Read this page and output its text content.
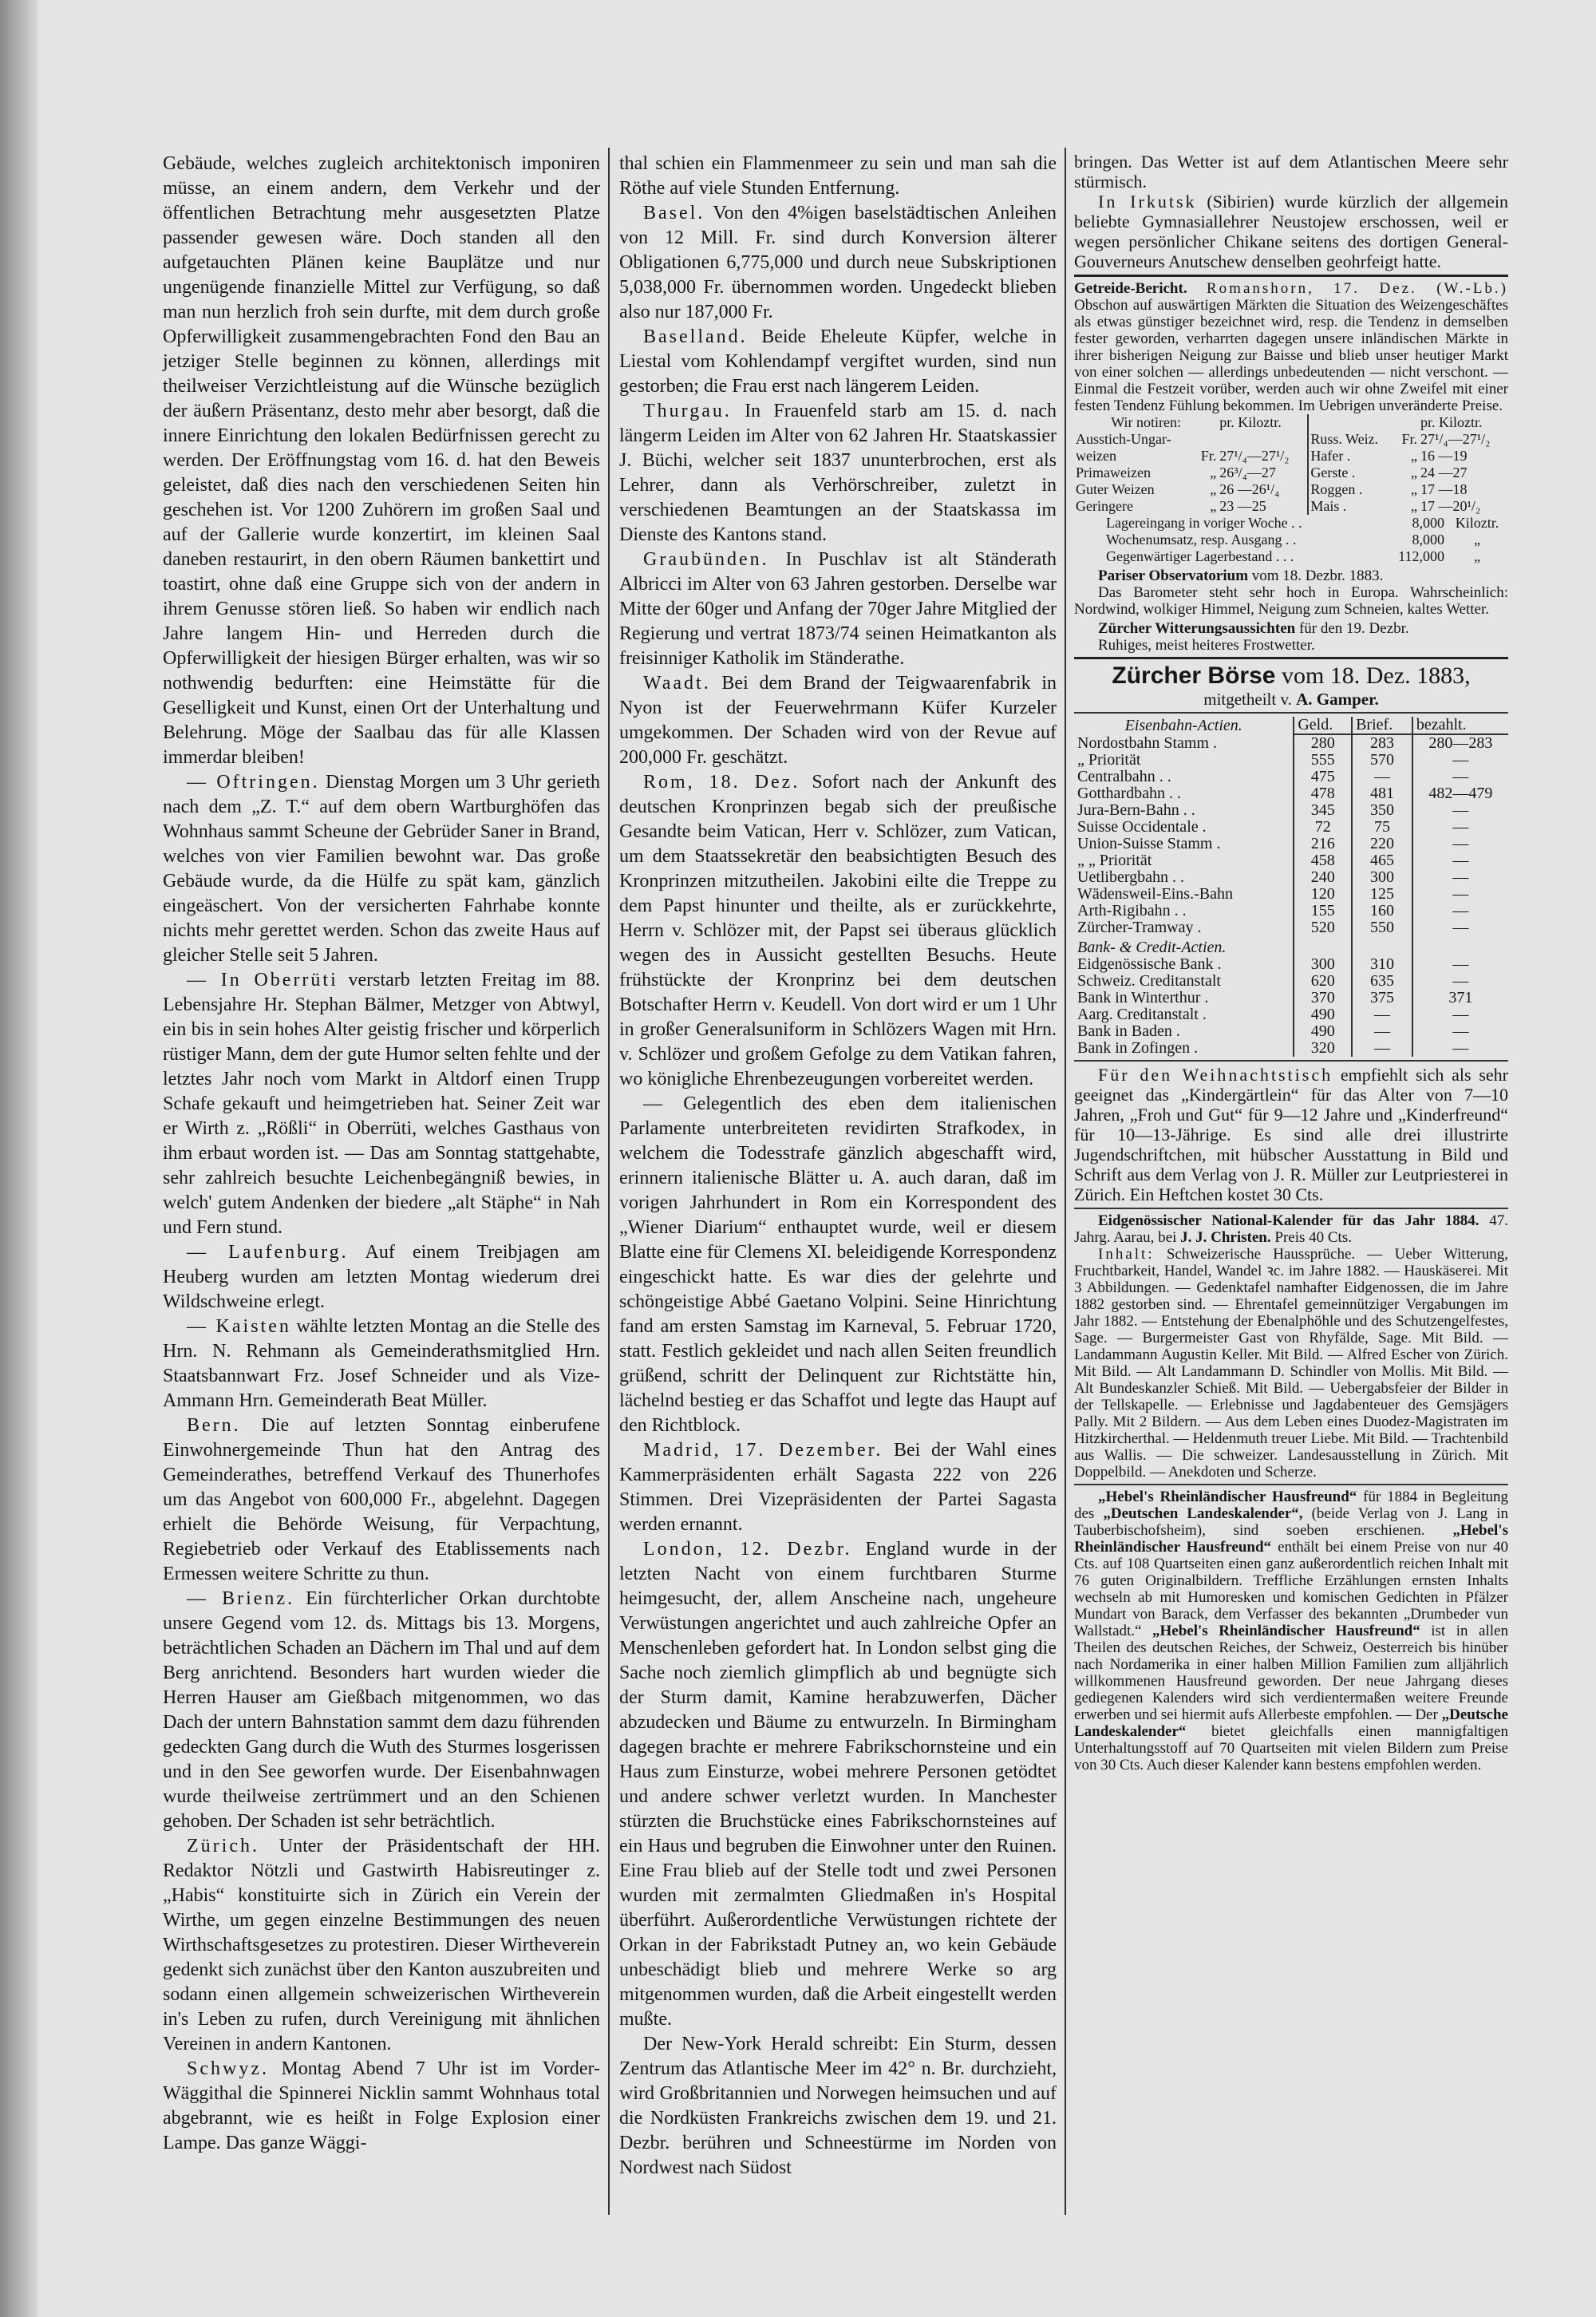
Gebäude, welches zugleich architektonisch imponiren müsse, an einem andern, dem Verkehr und der öffentlichen Betrachtung mehr ausgesetzten Platze passender gewesen wäre. Doch standen all den aufgetauchten Plänen keine Bauplätze und nur ungenügende finanzielle Mittel zur Verfügung, so daß man nun herzlich froh sein durfte, mit dem durch große Opferwilligkeit zusammengebrachten Fond den Bau an jetziger Stelle beginnen zu können, allerdings mit theilweiser Verzichtleistung auf die Wünsche bezüglich der äußern Präsentanz, desto mehr aber besorgt, daß die innere Einrichtung den lokalen Bedürfnissen gerecht zu werden. Der Eröffnungstag vom 16. d. hat den Beweis geleistet, daß dies nach den verschiedenen Seiten hin geschehen ist. Vor 1200 Zuhörern im großen Saal und auf der Gallerie wurde konzertirt, im kleinen Saal daneben restaurirt, in den obern Räumen bankettirt und toastirt, ohne daß eine Gruppe sich von der andern in ihrem Genusse stören ließ. So haben wir endlich nach Jahre langem Hin- und Herreden durch die Opferwilligkeit der hiesigen Bürger erhalten, was wir so nothwendig bedurften: eine Heimstätte für die Geselligkeit und Kunst, einen Ort der Unterhaltung und Belehrung. Möge der Saalbau das für alle Klassen immerdar bleiben!

— Oftringen. Dienstag Morgen um 3 Uhr gerieth nach dem „Z. T.“ auf dem obern Wartburghöfen das Wohnhaus sammt Scheune der Gebrüder Saner in Brand, welches von vier Familien bewohnt war. Das große Gebäude wurde, da die Hülfe zu spät kam, gänzlich eingeäschert. Von der versicherten Fahrhabe konnte nichts mehr gerettet werden. Schon das zweite Haus auf gleicher Stelle seit 5 Jahren.

— In Oberrüti verstarb letzten Freitag im 88. Lebensjahre Hr. Stephan Bälmer, Metzger von Abtwyl, ein bis in sein hohes Alter geistig frischer und körperlich rüstiger Mann, dem der gute Humor selten fehlte und der letztes Jahr noch vom Markt in Altdorf einen Trupp Schafe gekauft und heimgetrieben hat. Seiner Zeit war er Wirth z. „Rößli“ in Oberrüti, welches Gasthaus von ihm erbaut worden ist. — Das am Sonntag stattgehabte, sehr zahlreich besuchte Leichenbegängniß bewies, in welch' gutem Andenken der biedere „alt Stäphe“ in Nah und Fern stund.

— Laufenburg. Auf einem Treibjagen am Heuberg wurden am letzten Montag wiederum drei Wildschweine erlegt.

— Kaisten wählte letzten Montag an die Stelle des Hrn. N. Rehmann als Gemeinderathsmitglied Hrn. Staatsbannwart Frz. Josef Schneider und als Vize-Ammann Hrn. Gemeinderath Beat Müller.

Bern. Die auf letzten Sonntag einberufene Einwohnergemeinde Thun hat den Antrag des Gemeinderathes, betreffend Verkauf des Thunerhofes um das Angebot von 600,000 Fr., abgelehnt. Dagegen erhielt die Behörde Weisung, für Verpachtung, Regiebetrieb oder Verkauf des Etablissements nach Ermessen weitere Schritte zu thun.

— Brienz. Ein fürchterlicher Orkan durchtobte unsere Gegend vom 12. ds. Mittags bis 13. Morgens, beträchtlichen Schaden an Dächern im Thal und auf dem Berg anrichtend. Besonders hart wurden wieder die Herren Hauser am Gießbach mitgenommen, wo das Dach der untern Bahnstation sammt dem dazu führenden gedeckten Gang durch die Wuth des Sturmes losgerissen und in den See geworfen wurde. Der Eisenbahnwagen wurde theilweise zertrümmert und an den Schienen gehoben. Der Schaden ist sehr beträchtlich.

Zürich. Unter der Präsidentschaft der HH. Redaktor Nötzli und Gastwirth Habisreutinger z. „Habis“ konstituirte sich in Zürich ein Verein der Wirthe, um gegen einzelne Bestimmungen des neuen Wirthschaftsgesetzes zu protestiren. Dieser Wirtheverein gedenkt sich zunächst über den Kanton auszubreiten und sodann einen allgemein schweizerischen Wirtheverein in's Leben zu rufen, durch Vereinigung mit ähnlichen Vereinen in andern Kantonen.

Schwyz. Montag Abend 7 Uhr ist im Vorder-Wäggithal die Spinnerei Nicklin sammt Wohnhaus total abgebrannt, wie es heißt in Folge Explosion einer Lampe. Das ganze Wäggi-

thal schien ein Flammenmeer zu sein und man sah die Röthe auf viele Stunden Entfernung.

Basel. Von den 4%igen baselstädtischen Anleihen von 12 Mill. Fr. sind durch Konversion älterer Obligationen 6,775,000 und durch neue Subskriptionen 5,038,000 Fr. übernommen worden. Ungedeckt blieben also nur 187,000 Fr.

Baselland. Beide Eheleute Küpfer, welche in Liestal vom Kohlendampf vergiftet wurden, sind nun gestorben; die Frau erst nach längerem Leiden.

Thurgau. In Frauenfeld starb am 15. d. nach längerm Leiden im Alter von 62 Jahren Hr. Staatskassier J. Büchi, welcher seit 1837 ununterbrochen, erst als Lehrer, dann als Verhörschreiber, zuletzt in verschiedenen Beamtungen an der Staatskassa im Dienste des Kantons stand.

Graubünden. In Puschlav ist alt Ständerath Albricci im Alter von 63 Jahren gestorben. Derselbe war Mitte der 60ger und Anfang der 70ger Jahre Mitglied der Regierung und vertrat 1873/74 seinen Heimatkanton als freisinniger Katholik im Ständerathe.

Waadt. Bei dem Brand der Teigwaarenfabrik in Nyon ist der Feuerwehrmann Küfer Kurzeler umgekommen. Der Schaden wird von der Revue auf 200,000 Fr. geschätzt.

Rom, 18. Dez. Sofort nach der Ankunft des deutschen Kronprinzen begab sich der preußische Gesandte beim Vatican, Herr v. Schlözer, zum Vatican, um dem Staatssekretär den beabsichtigten Besuch des Kronprinzen mitzutheilen. Jakobini eilte die Treppe zu dem Papst hinunter und theilte, als er zurückkehrte, Herrn v. Schlözer mit, der Papst sei überaus glücklich wegen des in Aussicht gestellten Besuchs. Heute frühstückte der Kronprinz bei dem deutschen Botschafter Herrn v. Keudell. Von dort wird er um 1 Uhr in großer Generalsuniform in Schlözers Wagen mit Hrn. v. Schlözer und großem Gefolge zu dem Vatikan fahren, wo königliche Ehrenbezeugungen vorbereitet werden.

— Gelegentlich des eben dem italienischen Parlamente unterbreiteten revidirten Strafkodex, in welchem die Todesstrafe gänzlich abgeschafft wird, erinnern italienische Blätter u. A. auch daran, daß im vorigen Jahrhundert in Rom ein Korrespondent des „Wiener Diarium“ enthauptet wurde, weil er diesem Blatte eine für Clemens XI. beleidigende Korrespondenz eingeschickt hatte. Es war dies der gelehrte und schöngeistige Abbé Gaetano Volpini. Seine Hinrichtung fand am ersten Samstag im Karneval, 5. Februar 1720, statt. Festlich gekleidet und nach allen Seiten freundlich grüßend, schritt der Delinquent zur Richtstätte hin, lächelnd bestieg er das Schaffot und legte das Haupt auf den Richtblock.

Madrid, 17. Dezember. Bei der Wahl eines Kammerpräsidenten erhält Sagasta 222 von 226 Stimmen. Drei Vizepräsidenten der Partei Sagasta werden ernannt.

London, 12. Dezbr. England wurde in der letzten Nacht von einem furchtbaren Sturme heimgesucht, der, allem Anscheine nach, ungeheure Verwüstungen angerichtet und auch zahlreiche Opfer an Menschenleben gefordert hat. In London selbst ging die Sache noch ziemlich glimpflich ab und begnügte sich der Sturm damit, Kamine herabzuwerfen, Dächer abzudecken und Bäume zu entwurzeln. In Birmingham dagegen brachte er mehrere Fabrikschornsteine und ein Haus zum Einsturze, wobei mehrere Personen getödtet und andere schwer verletzt wurden. In Manchester stürzten die Bruchstücke eines Fabrikschornsteines auf ein Haus und begruben die Einwohner unter den Ruinen. Eine Frau blieb auf der Stelle todt und zwei Personen wurden mit zermalmten Gliedmaßen in's Hospital überführt. Außerordentliche Verwüstungen richtete der Orkan in der Fabrikstadt Putney an, wo kein Gebäude unbeschädigt blieb und mehrere Werke so arg mitgenommen wurden, daß die Arbeit eingestellt werden mußte.

Der New-York Herald schreibt: Ein Sturm, dessen Zentrum das Atlantische Meer im 42° n. Br. durchzieht, wird Großbritannien und Norwegen heimsuchen und auf die Nordküsten Frankreichs zwischen dem 19. und 21. Dezbr. berühren und Schneestürme im Norden von Nordwest nach Südost

bringen. Das Wetter ist auf dem Atlantischen Meere sehr stürmisch.

In Irkutsk (Sibirien) wurde kürzlich der allgemein beliebte Gymnasiallehrer Neustojew erschossen, weil er wegen persönlicher Chikane seitens des dortigen General-Gouverneurs Anutschew denselben geohrfeigt hatte.

Getreide-Bericht. Romanshorn, 17. Dez. (W.-Lb.) Obschon auf auswärtigen Märkten die Situation des Weizengeschäftes als etwas günstiger bezeichnet wird, resp. die Tendenz in demselben fester geworden, verharrten dagegen unsere inländischen Märkte in ihrer bisherigen Neigung zur Baisse und blieb unser heutiger Markt von einer solchen — allerdings unbedeutenden — nicht verschont. — Einmal die Festzeit vorüber, werden auch wir ohne Zweifel mit einer festen Tendenz Fühlung bekommen. Im Uebrigen unveränderte Preise.

Wir notiren:		pr. Kiloztr.			pr. Kiloztr.
Ausstich-Ungar-			Russ. Weiz.	Fr.	27¹/₄—27¹/₂
weizen	Fr.	27¹/₄—27¹/₂	Hafer .	„	16 —19
Primaweizen	„	26³/₄—27	Gerste .	„	24 —27
Guter Weizen	„	26 —26¹/₄	Roggen .	„	17 —18
Geringere	„	23 —25	Mais .	„	17 —20¹/₂
Lagereingang in voriger Woche . .	8,000	Kiloztr.
Wochenumsatz, resp. Ausgang . .	8,000	„
Gegenwärtiger Lagerbestand . . .	112,000	„

Pariser Observatorium vom 18. Dezbr. 1883.

Das Barometer steht sehr hoch in Europa. Wahrscheinlich: Nordwind, wolkiger Himmel, Neigung zum Schneien, kaltes Wetter.

Zürcher Witterungsaussichten für den 19. Dezbr.

Ruhiges, meist heiteres Frostwetter.

Zürcher Börse vom 18. Dez. 1883,
mitgetheilt v. A. Gamper.
Eisenbahn-Actien.	Geld.	Brief.	bezahlt.
Nordostbahn Stamm .	280	283	280—283
„ Priorität	555	570	—
Centralbahn . .	475	—	—
Gotthardbahn . .	478	481	482—479
Jura-Bern-Bahn . .	345	350	—
Suisse Occidentale .	72	75	—
Union-Suisse Stamm .	216	220	—
„ „ Priorität	458	465	—
Uetlibergbahn . .	240	300	—
Wädensweil-Eins.-Bahn	120	125	—
Arth-Rigibahn . .	155	160	—
Zürcher-Tramway .	520	550	—
Bank- & Credit-Actien.			
Eidgenössische Bank .	300	310	—
Schweiz. Creditanstalt	620	635	—
Bank in Winterthur .	370	375	371
Aarg. Creditanstalt .	490	—	—
Bank in Baden .	490	—	—
Bank in Zofingen .	320	—	—

Für den Weihnachtstisch empfiehlt sich als sehr geeignet das „Kindergärtlein“ für das Alter von 7—10 Jahren, „Froh und Gut“ für 9—12 Jahre und „Kinderfreund“ für 10—13-Jährige. Es sind alle drei illustrirte Jugendschriftchen, mit hübscher Ausstattung in Bild und Schrift aus dem Verlag von J. R. Müller zur Leutpriesterei in Zürich. Ein Heftchen kostet 30 Cts.

Eidgenössischer National-Kalender für das Jahr 1884. 47. Jahrg. Aarau, bei J. J. Christen. Preis 40 Cts.

Inhalt: Schweizerische Haussprüche. — Ueber Witterung, Fruchtbarkeit, Handel, Wandel ꝛc. im Jahre 1882. — Hauskäserei. Mit 3 Abbildungen. — Gedenktafel namhafter Eidgenossen, die im Jahre 1882 gestorben sind. — Ehrentafel gemeinnütziger Vergabungen im Jahr 1882. — Entstehung der Ebenalphöhle und des Schutzengelfestes, Sage. — Burgermeister Gast von Rhyfälde, Sage. Mit Bild. — Landammann Augustin Keller. Mit Bild. — Alfred Escher von Zürich. Mit Bild. — Alt Landammann D. Schindler von Mollis. Mit Bild. — Alt Bundeskanzler Schieß. Mit Bild. — Uebergabsfeier der Bilder in der Tellskapelle. — Erlebnisse und Jagdabenteuer des Gemsjägers Pally. Mit 2 Bildern. — Aus dem Leben eines Duodez-Magistraten im Hitzkircherthal. — Heldenmuth treuer Liebe. Mit Bild. — Trachtenbild aus Wallis. — Die schweizer. Landesausstellung in Zürich. Mit Doppelbild. — Anekdoten und Scherze.

„Hebel's Rheinländischer Hausfreund“ für 1884 in Begleitung des „Deutschen Landeskalender“, (beide Verlag von J. Lang in Tauberbischofsheim), sind soeben erschienen. „Hebel's Rheinländischer Hausfreund“ enthält bei einem Preise von nur 40 Cts. auf 108 Quartseiten einen ganz außerordentlich reichen Inhalt mit 76 guten Originalbildern. Treffliche Erzählungen ernsten Inhalts wechseln ab mit Humoresken und komischen Gedichten in Pfälzer Mundart von Barack, dem Verfasser des bekannten „Drumbeder vun Wallstadt.“ „Hebel's Rheinländischer Hausfreund“ ist in allen Theilen des deutschen Reiches, der Schweiz, Oesterreich bis hinüber nach Nordamerika in einer halben Million Familien zum alljährlich willkommenen Hausfreund geworden. Der neue Jahrgang dieses gediegenen Kalenders wird sich verdientermaßen weitere Freunde erwerben und sei hiermit aufs Allerbeste empfohlen. — Der „Deutsche Landeskalender“ bietet gleichfalls einen mannigfaltigen Unterhaltungsstoff auf 70 Quartseiten mit vielen Bildern zum Preise von 30 Cts. Auch dieser Kalender kann bestens empfohlen werden.
